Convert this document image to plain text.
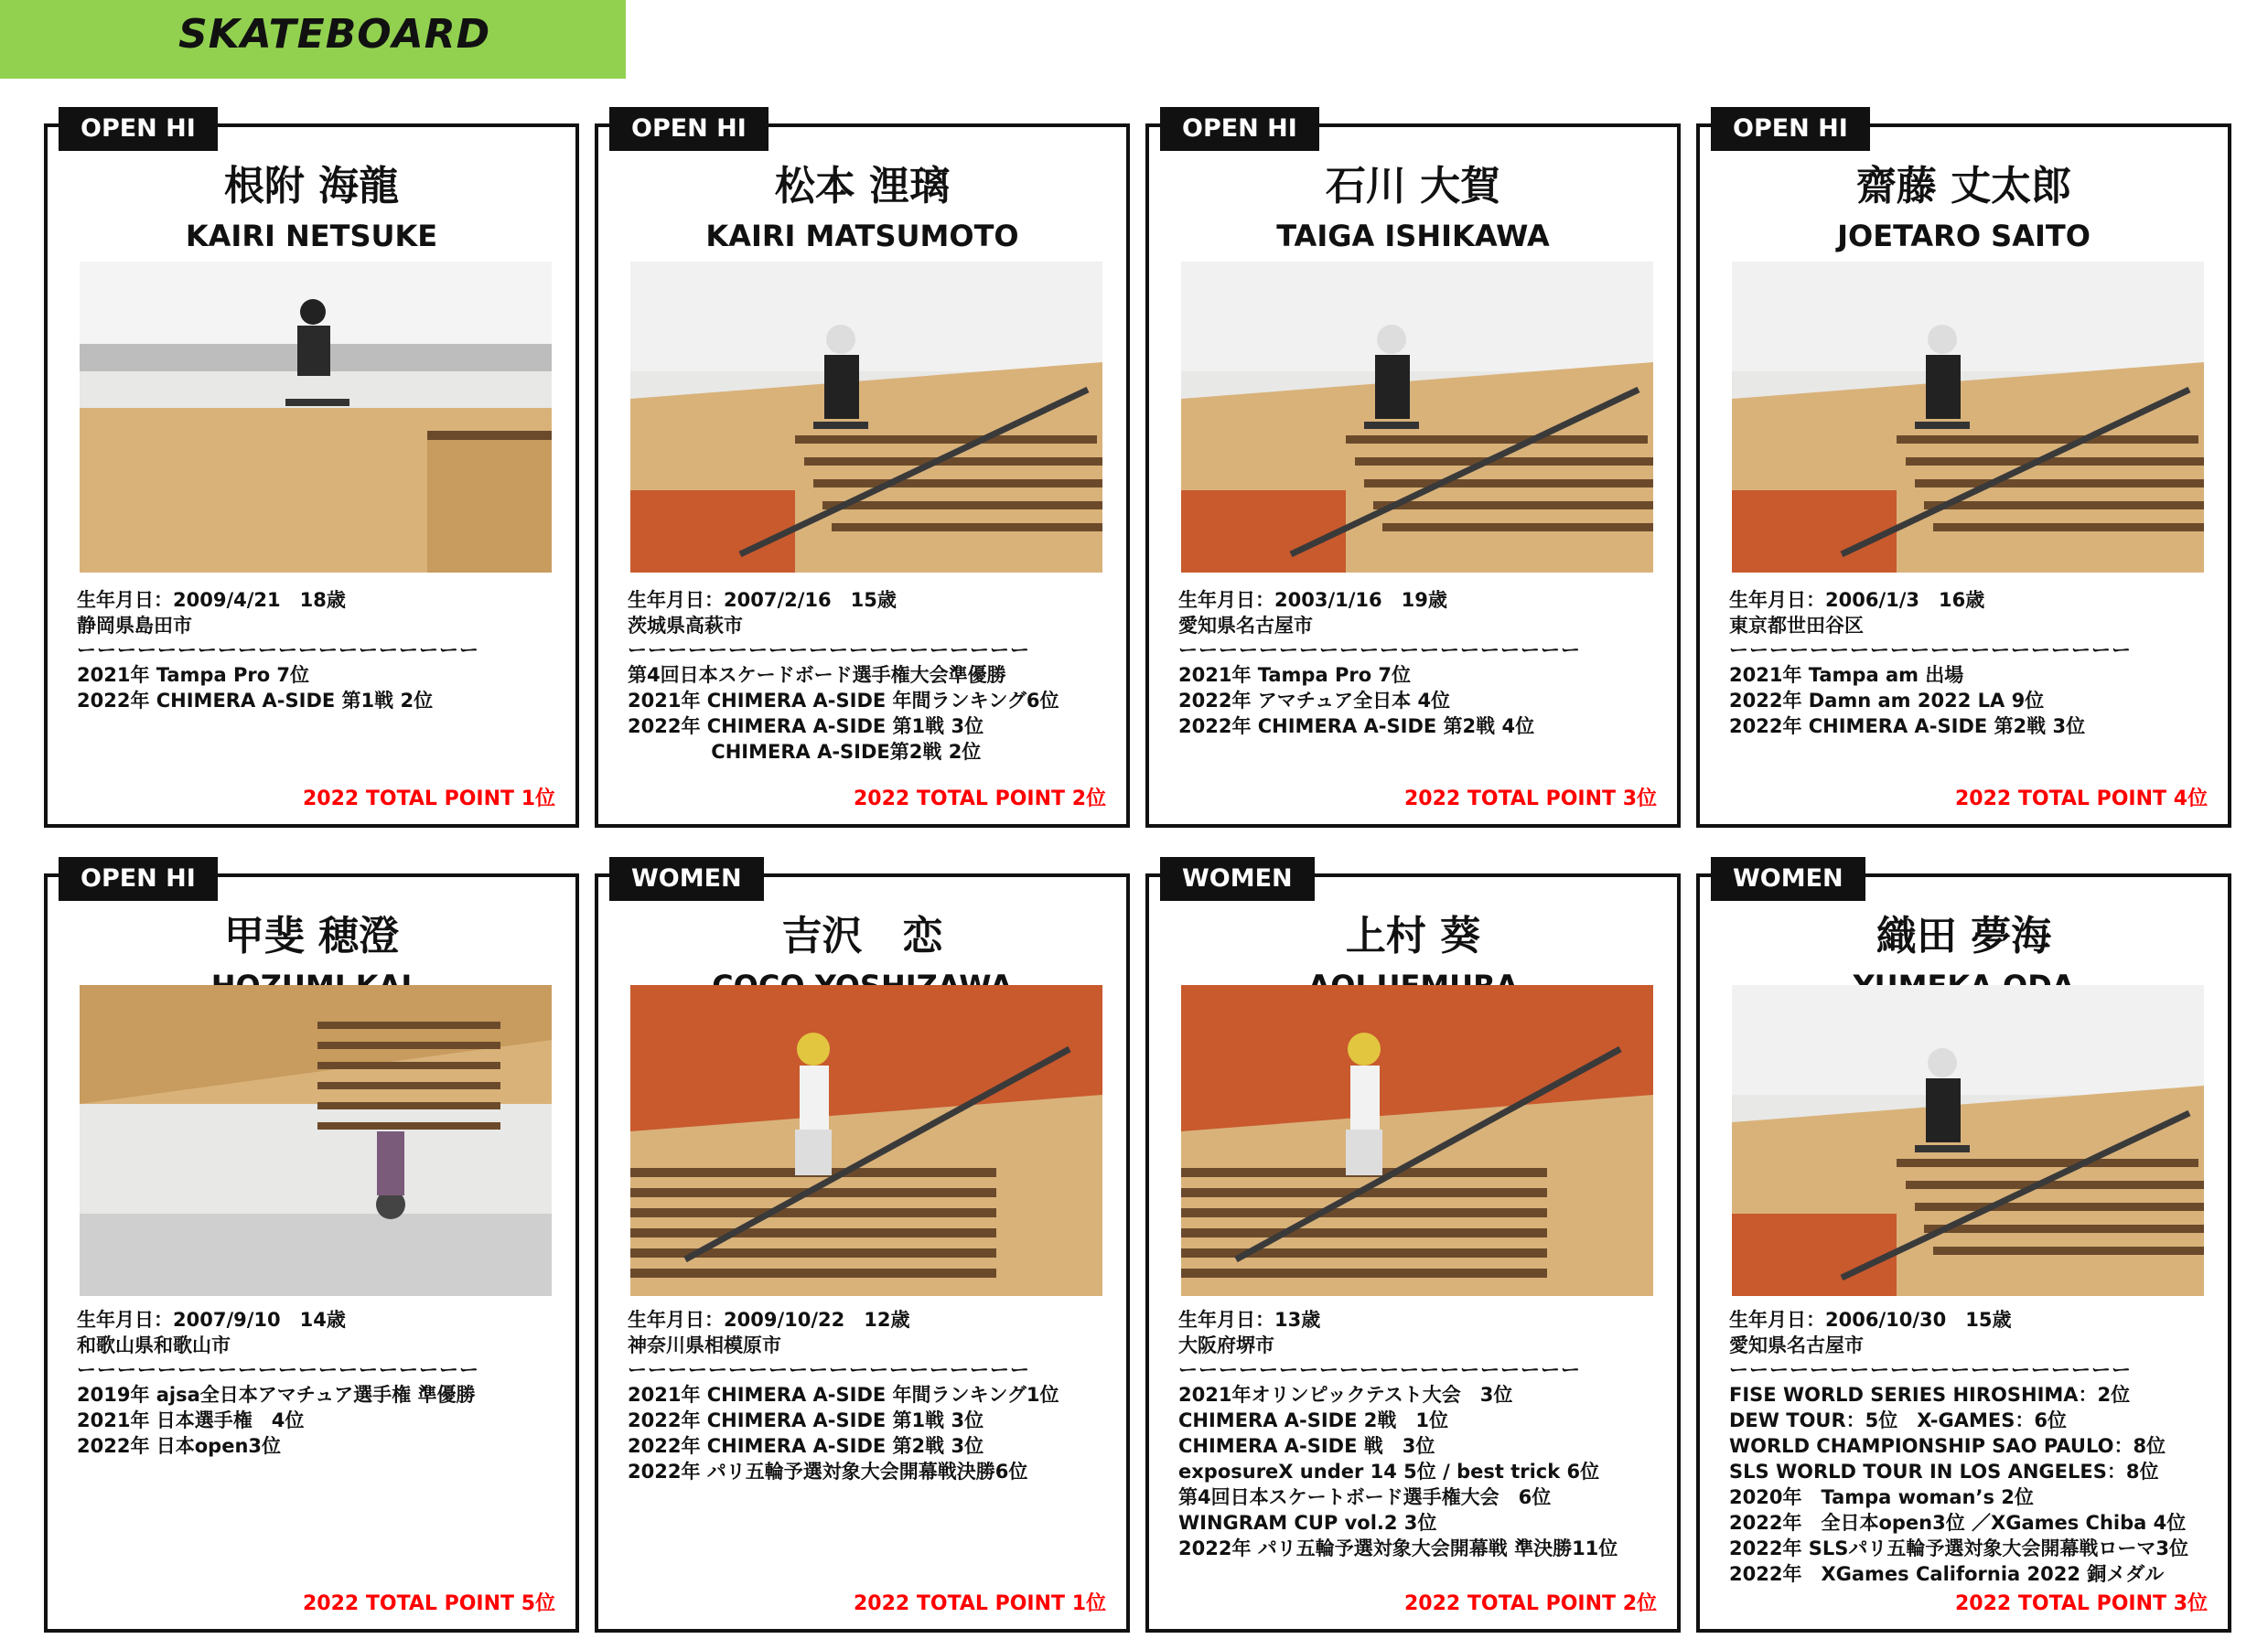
SKATEBOARD
OPEN HI
根附 海龍
KAIRI NETSUKE
生年月日：2009/4/21　18歳
静岡県島田市
ーーーーーーーーーーーーーーーーーーーー
2021年 Tampa Pro 7位
2022年 CHIMERA A-SIDE 第1戦 2位
2022 TOTAL POINT 1位
OPEN HI
松本 浬璃
KAIRI MATSUMOTO
生年月日：2007/2/16　15歳
茨城県高萩市
ーーーーーーーーーーーーーーーーーーーー
第4回日本スケードボード選手権大会準優勝
2021年 CHIMERA A-SIDE 年間ランキング6位
2022年 CHIMERA A-SIDE 第1戦 3位
　　　　 CHIMERA A-SIDE第2戦 2位
2022 TOTAL POINT 2位
OPEN HI
石川 大賀
TAIGA ISHIKAWA
生年月日：2003/1/16　19歳
愛知県名古屋市
ーーーーーーーーーーーーーーーーーーーー
2021年 Tampa Pro 7位
2022年 アマチュア全日本 4位
2022年 CHIMERA A-SIDE 第2戦 4位
2022 TOTAL POINT 3位
OPEN HI
齋藤 丈太郎
JOETARO SAITO
生年月日：2006/1/3　16歳
東京都世田谷区
ーーーーーーーーーーーーーーーーーーーー
2021年 Tampa am 出場
2022年 Damn am 2022 LA 9位
2022年 CHIMERA A-SIDE 第2戦 3位
2022 TOTAL POINT 4位
OPEN HI
甲斐 穂澄
生年月日：2007/9/10　14歳
和歌山県和歌山市
ーーーーーーーーーーーーーーーーーーーー
2019年 ajsa全日本アマチュア選手権 準優勝
2021年 日本選手権　4位
2022年 日本open3位
2022 TOTAL POINT 5位
WOMEN
吉沢　恋
生年月日：2009/10/22　12歳
神奈川県相模原市
ーーーーーーーーーーーーーーーーーーーー
2021年 CHIMERA A-SIDE 年間ランキング1位
2022年 CHIMERA A-SIDE 第1戦 3位
2022年 CHIMERA A-SIDE 第2戦 3位
2022年 パリ五輪予選対象大会開幕戦決勝6位
2022 TOTAL POINT 1位
WOMEN
上村 葵
生年月日：13歳
大阪府堺市
ーーーーーーーーーーーーーーーーーーーー
2021年オリンピックテスト大会　3位
CHIMERA A-SIDE 2戦　1位
CHIMERA A-SIDE 戦　3位
exposureX under 14 5位 / best trick 6位
第4回日本スケートボード選手権大会　6位
WINGRAM CUP vol.2 3位
2022年 パリ五輪予選対象大会開幕戦 準決勝11位
2022 TOTAL POINT 2位
WOMEN
織田 夢海
生年月日：2006/10/30　15歳
愛知県名古屋市
ーーーーーーーーーーーーーーーーーーーー
FISE WORLD SERIES HIROSHIMA：2位
DEW TOUR：5位　X-GAMES：6位
WORLD CHAMPIONSHIP SAO PAULO：8位
SLS WORLD TOUR IN LOS ANGELES：8位
2020年　Tampa woman’s 2位
2022年　全日本open3位 ／XGames Chiba 4位
2022年 SLSパリ五輪予選対象大会開幕戦ローマ3位
2022年　XGames California 2022 銅メダル
2022 TOTAL POINT 3位
